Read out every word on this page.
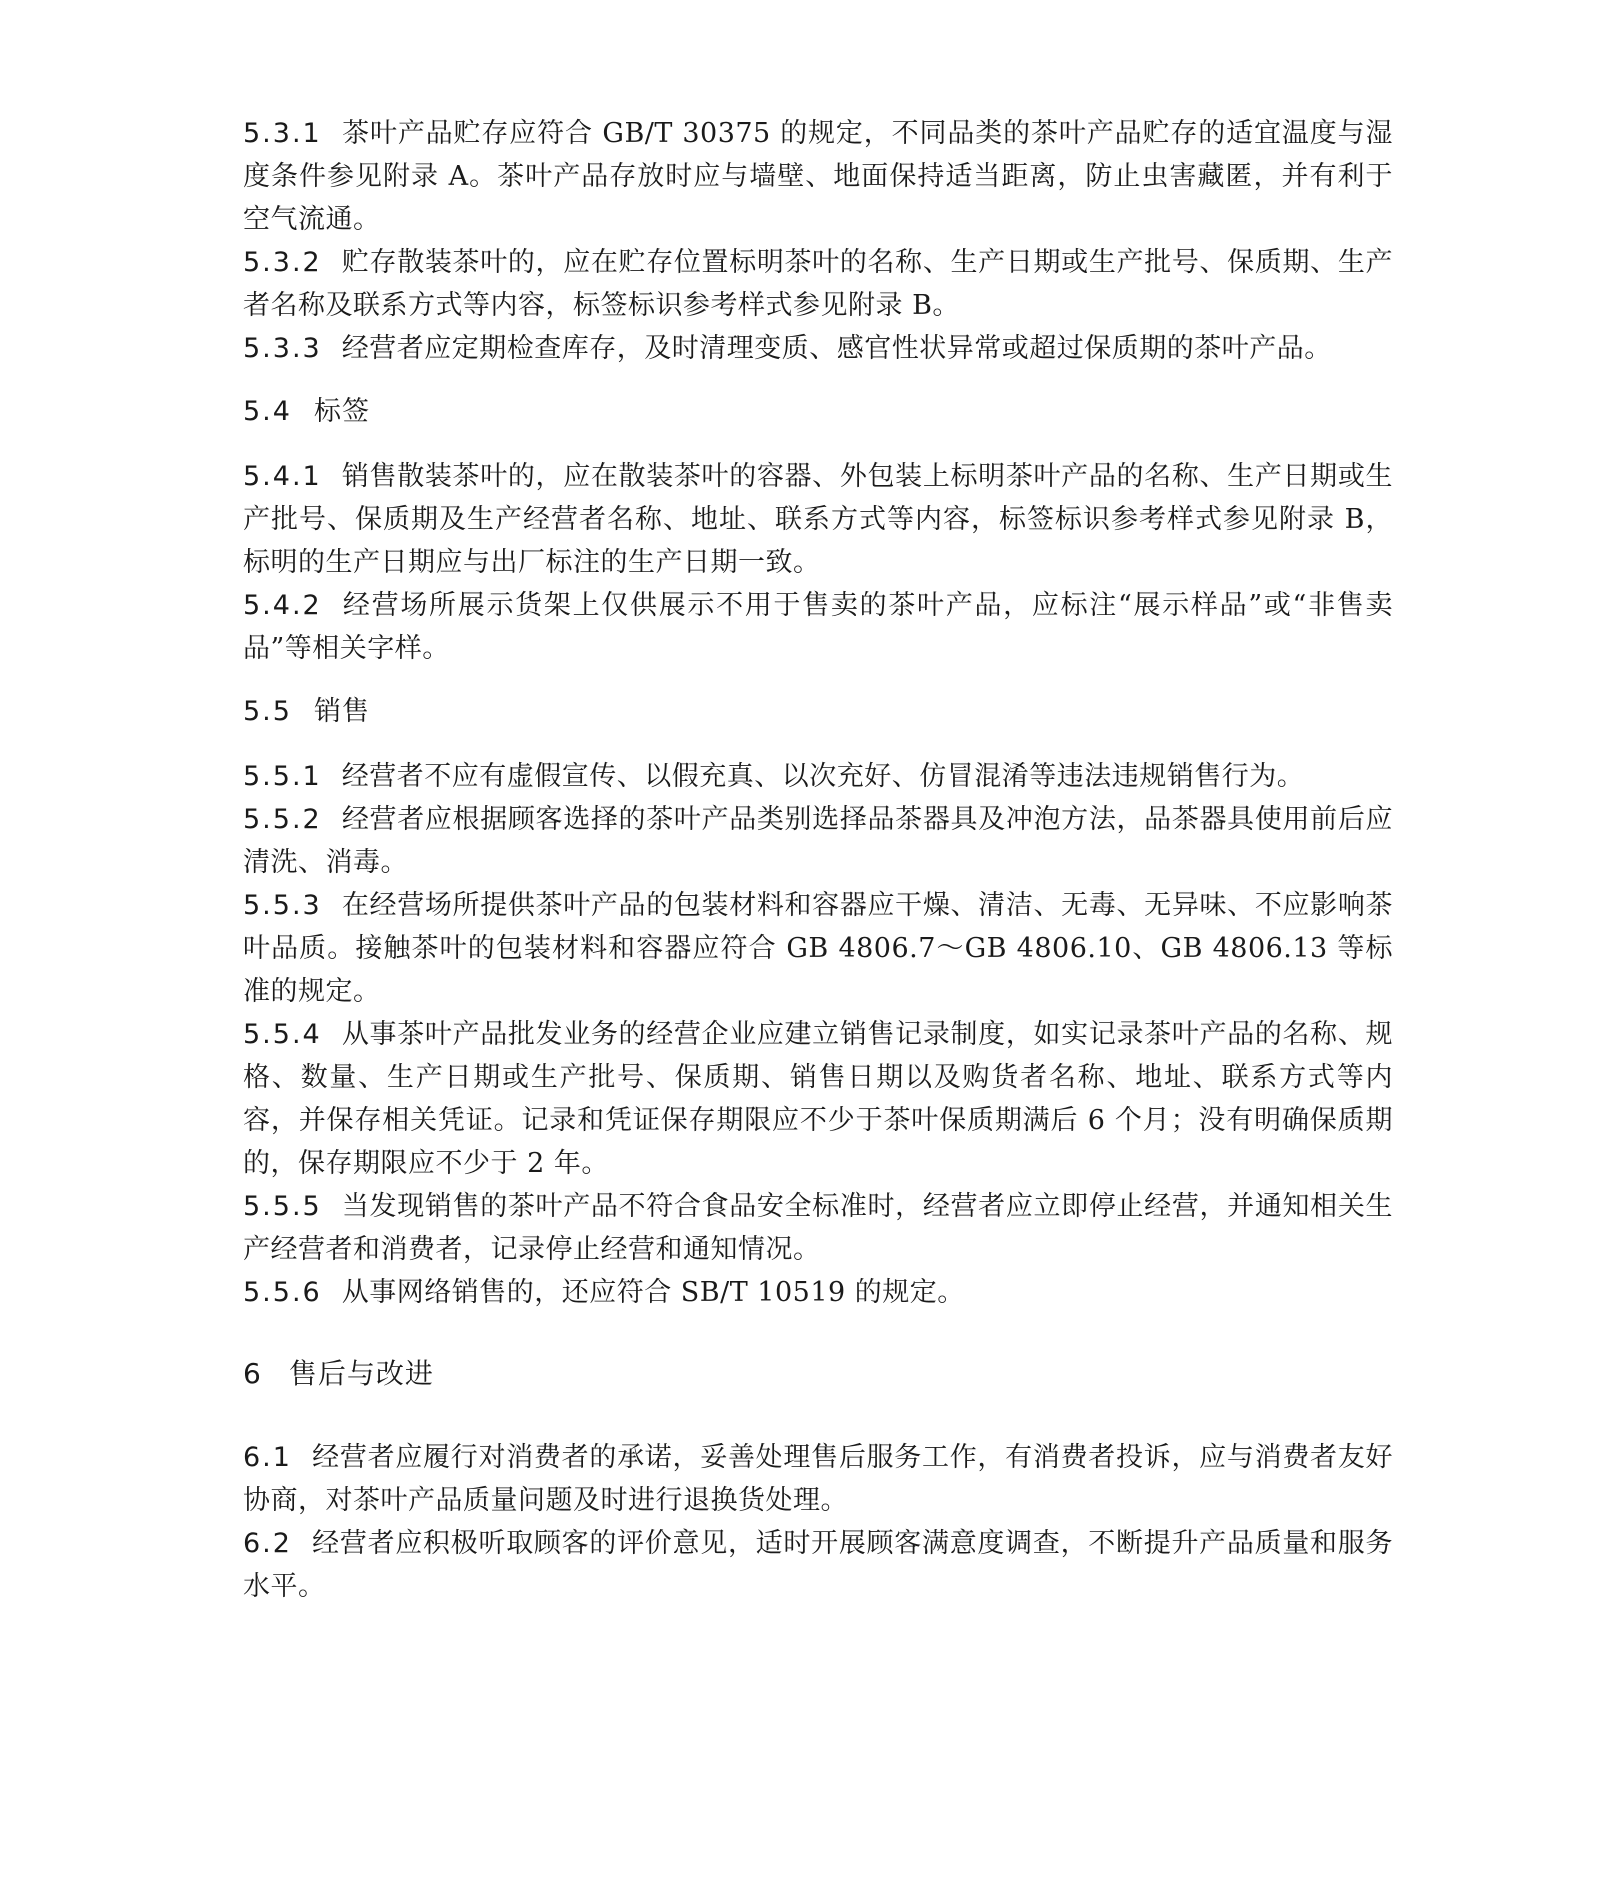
5.3.1 茶叶产品贮存应符合 GB/T 30375 的规定，不同品类的茶叶产品贮存的适宜温度与湿度条件参见附录 A。茶叶产品存放时应与墙壁、地面保持适当距离，防止虫害藏匿，并有利于空气流通。

5.3.2 贮存散装茶叶的，应在贮存位置标明茶叶的名称、生产日期或生产批号、保质期、生产者名称及联系方式等内容，标签标识参考样式参见附录 B。

5.3.3 经营者应定期检查库存，及时清理变质、感官性状异常或超过保质期的茶叶产品。

5.4 标签

5.4.1 销售散装茶叶的，应在散装茶叶的容器、外包装上标明茶叶产品的名称、生产日期或生产批号、保质期及生产经营者名称、地址、联系方式等内容，标签标识参考样式参见附录 B，标明的生产日期应与出厂标注的生产日期一致。

5.4.2 经营场所展示货架上仅供展示不用于售卖的茶叶产品，应标注“展示样品”或“非售卖品”等相关字样。

5.5 销售

5.5.1 经营者不应有虚假宣传、以假充真、以次充好、仿冒混淆等违法违规销售行为。

5.5.2 经营者应根据顾客选择的茶叶产品类别选择品茶器具及冲泡方法，品茶器具使用前后应清洗、消毒。

5.5.3 在经营场所提供茶叶产品的包装材料和容器应干燥、清洁、无毒、无异味、不应影响茶叶品质。接触茶叶的包装材料和容器应符合 GB 4806.7～GB 4806.10、GB 4806.13 等标准的规定。

5.5.4 从事茶叶产品批发业务的经营企业应建立销售记录制度，如实记录茶叶产品的名称、规格、数量、生产日期或生产批号、保质期、销售日期以及购货者名称、地址、联系方式等内容，并保存相关凭证。记录和凭证保存期限应不少于茶叶保质期满后 6 个月；没有明确保质期的，保存期限应不少于 2 年。

5.5.5 当发现销售的茶叶产品不符合食品安全标准时，经营者应立即停止经营，并通知相关生产经营者和消费者，记录停止经营和通知情况。

5.5.6 从事网络销售的，还应符合 SB/T 10519 的规定。

6 售后与改进

6.1 经营者应履行对消费者的承诺，妥善处理售后服务工作，有消费者投诉，应与消费者友好协商，对茶叶产品质量问题及时进行退换货处理。

6.2 经营者应积极听取顾客的评价意见，适时开展顾客满意度调查，不断提升产品质量和服务水平。
